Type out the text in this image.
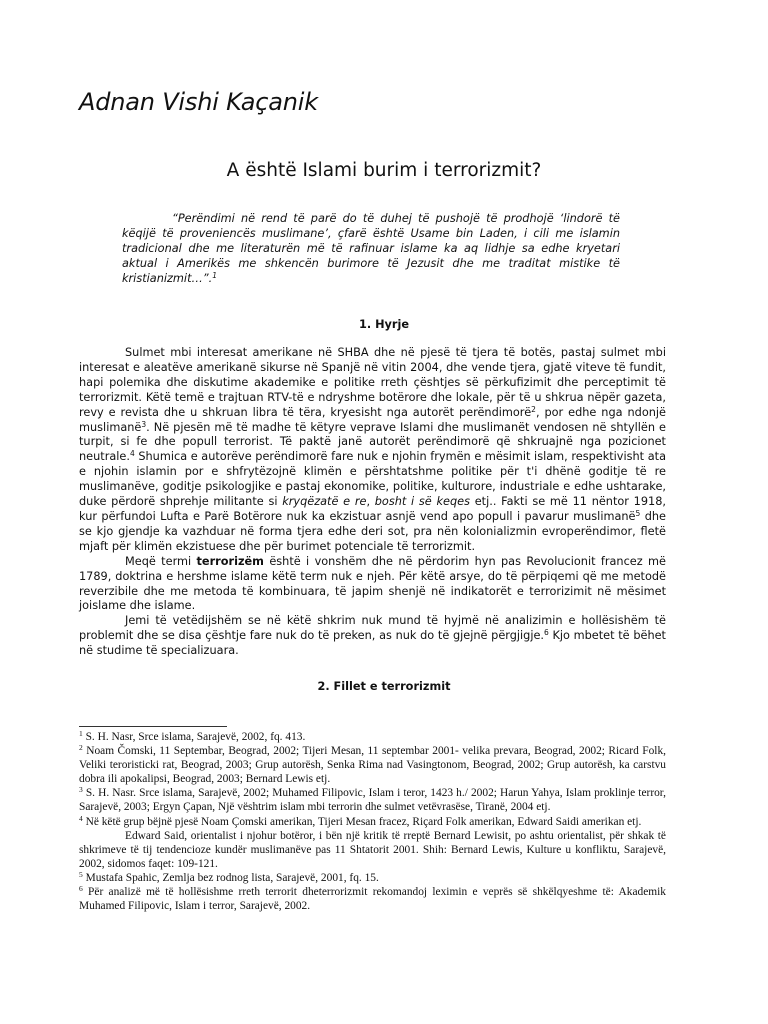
Adnan Vishi Kaçanik
A është Islami burim i terrorizmit?

“Perëndimi në rend të parë do të duhej të pushojë të prodhojë ‘lindorë të këqijë të proveniencës muslimane’, çfarë është Usame bin Laden, i cili me islamin tradicional dhe me literaturën më të rafinuar islame ka aq lidhje sa edhe kryetari aktual i Amerikës me shkencën burimore të Jezusit dhe me traditat mistike të kristianizmit…”.$^1$

1. Hyrje

Sulmet mbi interesat amerikane në SHBA dhe në pjesë të tjera të botës, pastaj sulmet mbi interesat e aleatëve amerikanë sikurse në Spanjë në vitin 2004, dhe vende tjera, gjatë viteve të fundit, hapi polemika dhe diskutime akademike e politike rreth çështjes së përkufizimit dhe perceptimit të terrorizmit. Këtë temë e trajtuan RTV-të e ndryshme botërore dhe lokale, për të u shkrua nëpër gazeta, revy e revista dhe u shkruan libra të tëra, kryesisht nga autorët perëndimorë$^2$, por edhe nga ndonjë muslimanë$^3$. Në pjesën më të madhe të këtyre veprave Islami dhe muslimanët vendosen në shtyllën e turpit, si fe dhe popull terrorist. Të paktë janë autorët perëndimorë që shkruajnë nga pozicionet neutrale.$^4$ Shumica e autorëve perëndimorë fare nuk e njohin frymën e mësimit islam, respektivisht ata e njohin islamin por e shfrytëzojnë klimën e përshtatshme politike për t'i dhënë goditje të re muslimanëve, goditje psikologjike e pastaj ekonomike, politike, kulturore, industriale e edhe ushtarake, duke përdorë shprehje militante si kryqëzatë e re, bosht i së keqes etj.. Fakti se më 11 nëntor 1918, kur përfundoi Lufta e Parë Botërore nuk ka ekzistuar asnjë vend apo popull i pavarur muslimanë$^5$ dhe se kjo gjendje ka vazhduar në forma tjera edhe deri sot, pra nën kolonializmin evroperëndimor, fletë mjaft për klimën ekzistuese dhe për burimet potenciale të terrorizmit.

Meqë termi terrorizëm është i vonshëm dhe në përdorim hyn pas Revolucionit francez më 1789, doktrina e hershme islame këtë term nuk e njeh. Për këtë arsye, do të përpiqemi që me metodë reverzibile dhe me metoda të kombinuara, të japim shenjë në indikatorët e terrorizimit në mësimet joislame dhe islame.

Jemi të vetëdijshëm se në këtë shkrim nuk mund të hyjmë në analizimin e hollësishëm të problemit dhe se disa çështje fare nuk do të preken, as nuk do të gjejnë përgjigje.$^6$ Kjo mbetet të bëhet në studime të specializuara.

2. Fillet e terrorizmit

$^1$ S. H. Nasr, Srce islama, Sarajevë, 2002, fq. 413.

$^2$ Noam Čomski, 11 Septembar, Beograd, 2002; Tijeri Mesan, 11 septembar 2001- velika prevara, Beograd, 2002; Ricard Folk, Veliki teroristicki rat, Beograd, 2003; Grup autorësh, Senka Rima nad Vasingtonom, Beograd, 2002; Grup autorësh, ka carstvu dobra ili apokalipsi, Beograd, 2003; Bernard Lewis etj.

$^3$ S. H. Nasr. Srce islama, Sarajevë, 2002; Muhamed Filipovic, Islam i teror, 1423 h./ 2002; Harun Yahya, Islam proklinje terror, Sarajevë, 2003; Ergyn Çapan, Një vështrim islam mbi terrorin dhe sulmet vetëvrasëse, Tiranë, 2004 etj.

$^4$ Në këtë grup bëjnë pjesë Noam Çomski amerikan, Tijeri Mesan fracez, Riçard Folk amerikan, Edward Saidi amerikan etj.

Edward Said, orientalist i njohur botëror, i bën një kritik të rreptë Bernard Lewisit, po ashtu orientalist, për shkak të shkrimeve të tij tendencioze kundër muslimanëve pas 11 Shtatorit 2001. Shih: Bernard Lewis, Kulture u konfliktu, Sarajevë, 2002, sidomos faqet: 109-121.

$^5$ Mustafa Spahic, Zemlja bez rodnog lista, Sarajevë, 2001, fq. 15.

$^6$ Për analizë më të hollësishme rreth terrorit dheterrorizmit rekomandoj leximin e veprës së shkëlqyeshme të: Akademik Muhamed Filipovic, Islam i terror, Sarajevë, 2002.
